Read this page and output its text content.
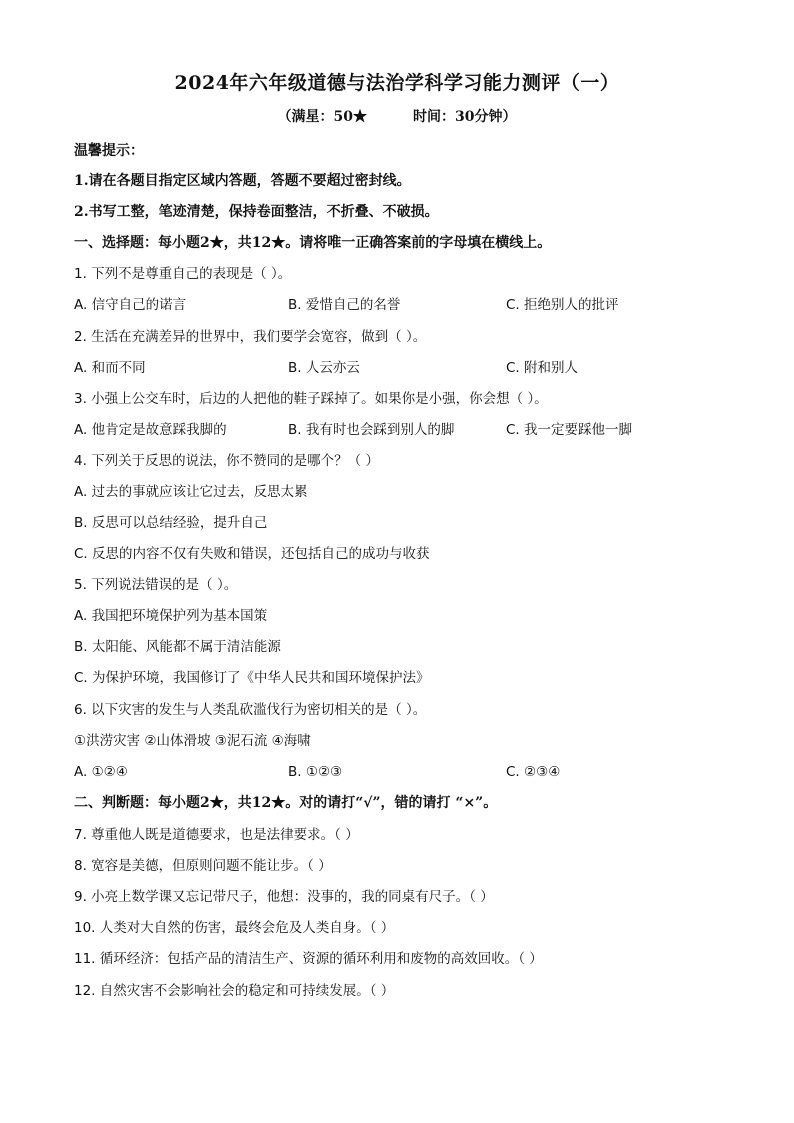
2024年六年级道德与法治学科学习能力测评（一）
（满星：50★	时间：30分钟）
温馨提示：
1.请在各题目指定区域内答题，答题不要超过密封线。
2.书写工整，笔迹清楚，保持卷面整洁，不折叠、不破损。
一、选择题：每小题2★，共12★。请将唯一正确答案前的字母填在横线上。
1. 下列不是尊重自己的表现是（ ）。
A. 信守自己的诺言	B. 爱惜自己的名誉	C. 拒绝别人的批评
2. 生活在充满差异的世界中，我们要学会宽容，做到（ ）。
A. 和而不同	B. 人云亦云	C. 附和别人
3. 小强上公交车时，后边的人把他的鞋子踩掉了。如果你是小强，你会想（ ）。
A. 他肯定是故意踩我脚的	B. 我有时也会踩到别人的脚	C. 我一定要踩他一脚
4. 下列关于反思的说法，你不赞同的是哪个？（ ）
A. 过去的事就应该让它过去，反思太累
B. 反思可以总结经验，提升自己
C. 反思的内容不仅有失败和错误，还包括自己的成功与收获
5. 下列说法错误的是（ ）。
A. 我国把环境保护列为基本国策
B. 太阳能、风能都不属于清洁能源
C. 为保护环境，我国修订了《中华人民共和国环境保护法》
6. 以下灾害的发生与人类乱砍滥伐行为密切相关的是（ ）。
①洪涝灾害 ②山体滑坡 ③泥石流 ④海啸
A. ①②④	B. ①②③	C. ②③④
二、判断题：每小题2★，共12★。对的请打“√”，错的请打 “×”。
7. 尊重他人既是道德要求，也是法律要求。（ ）
8. 宽容是美德，但原则问题不能让步。（ ）
9. 小亮上数学课又忘记带尺子，他想：没事的，我的同桌有尺子。（ ）
10. 人类对大自然的伤害，最终会危及人类自身。（ ）
11. 循环经济：包括产品的清洁生产、资源的循环利用和废物的高效回收。（ ）
12. 自然灾害不会影响社会的稳定和可持续发展。（ ）
